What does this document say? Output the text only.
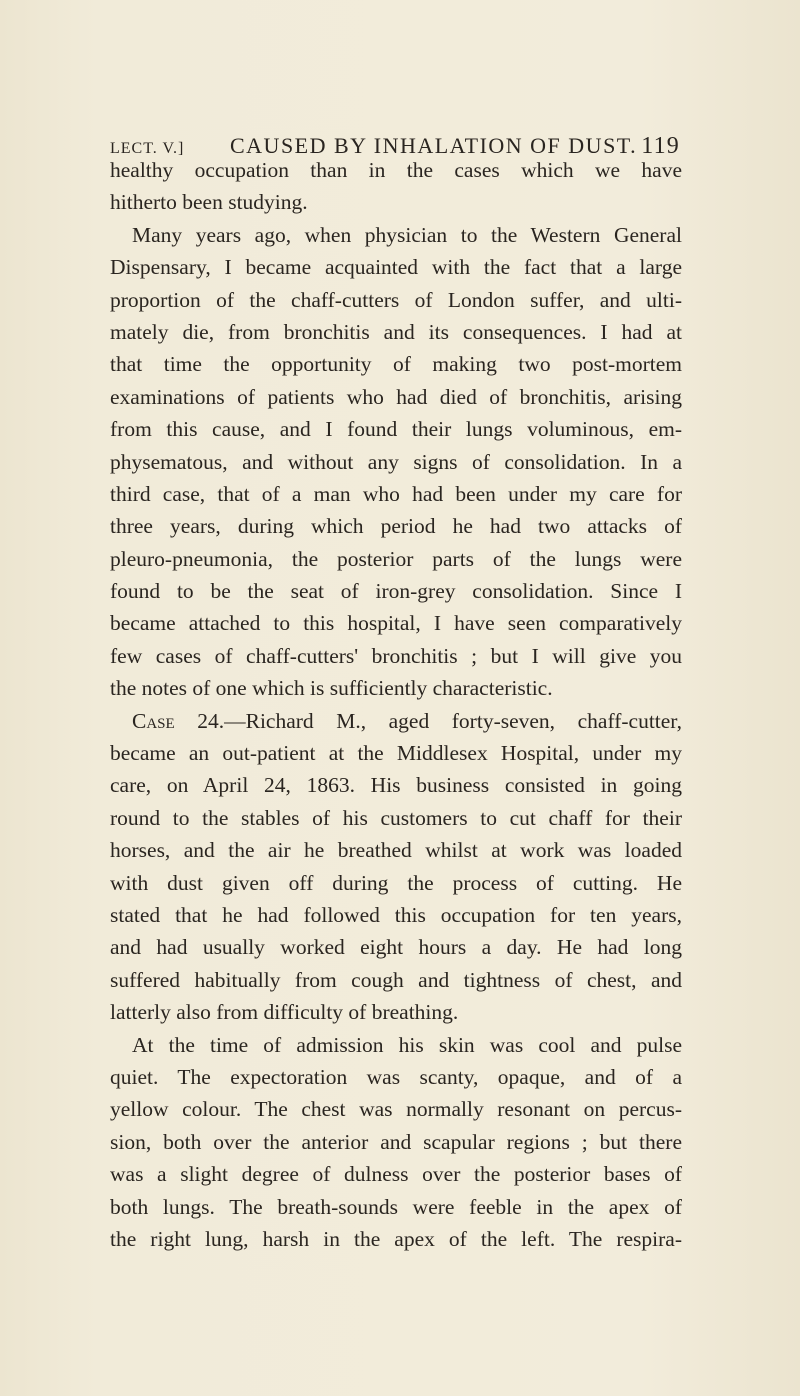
LECT. V.] CAUSED BY INHALATION OF DUST. 119
healthy occupation than in the cases which we have
hitherto been studying.
Many years ago, when physician to the Western General
Dispensary, I became acquainted with the fact that a large
proportion of the chaff-cutters of London suffer, and ulti-
mately die, from bronchitis and its consequences. I had at
that time the opportunity of making two post-mortem
examinations of patients who had died of bronchitis, arising
from this cause, and I found their lungs voluminous, em-
physematous, and without any signs of consolidation. In a
third case, that of a man who had been under my care for
three years, during which period he had two attacks of
pleuro-pneumonia, the posterior parts of the lungs were
found to be the seat of iron-grey consolidation. Since I
became attached to this hospital, I have seen comparatively
few cases of chaff-cutters' bronchitis ; but I will give you
the notes of one which is sufficiently characteristic.
Case 24.—Richard M., aged forty-seven, chaff-cutter,
became an out-patient at the Middlesex Hospital, under my
care, on April 24, 1863. His business consisted in going
round to the stables of his customers to cut chaff for their
horses, and the air he breathed whilst at work was loaded
with dust given off during the process of cutting. He
stated that he had followed this occupation for ten years,
and had usually worked eight hours a day. He had long
suffered habitually from cough and tightness of chest, and
latterly also from difficulty of breathing.
At the time of admission his skin was cool and pulse
quiet. The expectoration was scanty, opaque, and of a
yellow colour. The chest was normally resonant on percus-
sion, both over the anterior and scapular regions ; but there
was a slight degree of dulness over the posterior bases of
both lungs. The breath-sounds were feeble in the apex of
the right lung, harsh in the apex of the left. The respira-
